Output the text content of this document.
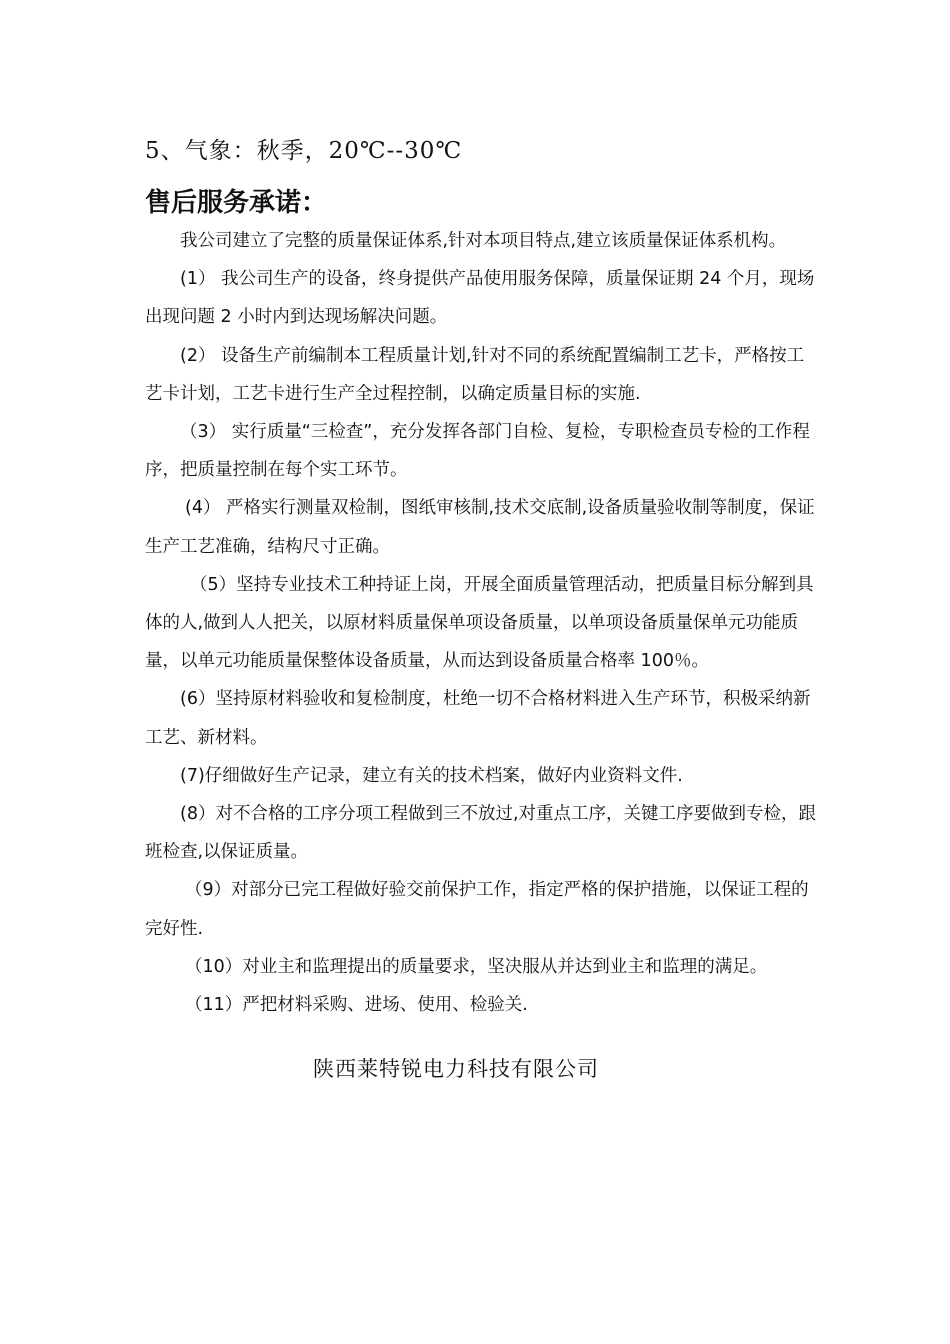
5、气象：秋季，20℃--30℃
售后服务承诺：

我公司建立了完整的质量保证体系,针对本项目特点,建立该质量保证体系机构。

(1） 我公司生产的设备，终身提供产品使用服务保障，质量保证期 24 个月，现场出现问题 2 小时内到达现场解决问题。

(2） 设备生产前编制本工程质量计划,针对不同的系统配置编制工艺卡，严格按工艺卡计划，工艺卡进行生产全过程控制，以确定质量目标的实施.

（3） 实行质量“三检查”，充分发挥各部门自检、复检，专职检查员专检的工作程序，把质量控制在每个实工环节。

(4） 严格实行测量双检制，图纸审核制,技术交底制,设备质量验收制等制度，保证生产工艺准确，结构尺寸正确。

（5）坚持专业技术工种持证上岗，开展全面质量管理活动，把质量目标分解到具体的人,做到人人把关，以原材料质量保单项设备质量，以单项设备质量保单元功能质量，以单元功能质量保整体设备质量，从而达到设备质量合格率 100％。

(6）坚持原材料验收和复检制度，杜绝一切不合格材料进入生产环节，积极采纳新工艺、新材料。

(7)仔细做好生产记录，建立有关的技术档案，做好内业资料文件.

(8）对不合格的工序分项工程做到三不放过,对重点工序，关键工序要做到专检，跟班检查,以保证质量。

（9）对部分已完工程做好验交前保护工作，指定严格的保护措施，以保证工程的完好性.

（10）对业主和监理提出的质量要求，坚决服从并达到业主和监理的满足。

（11）严把材料采购、进场、使用、检验关.

陕西莱特锐电力科技有限公司
